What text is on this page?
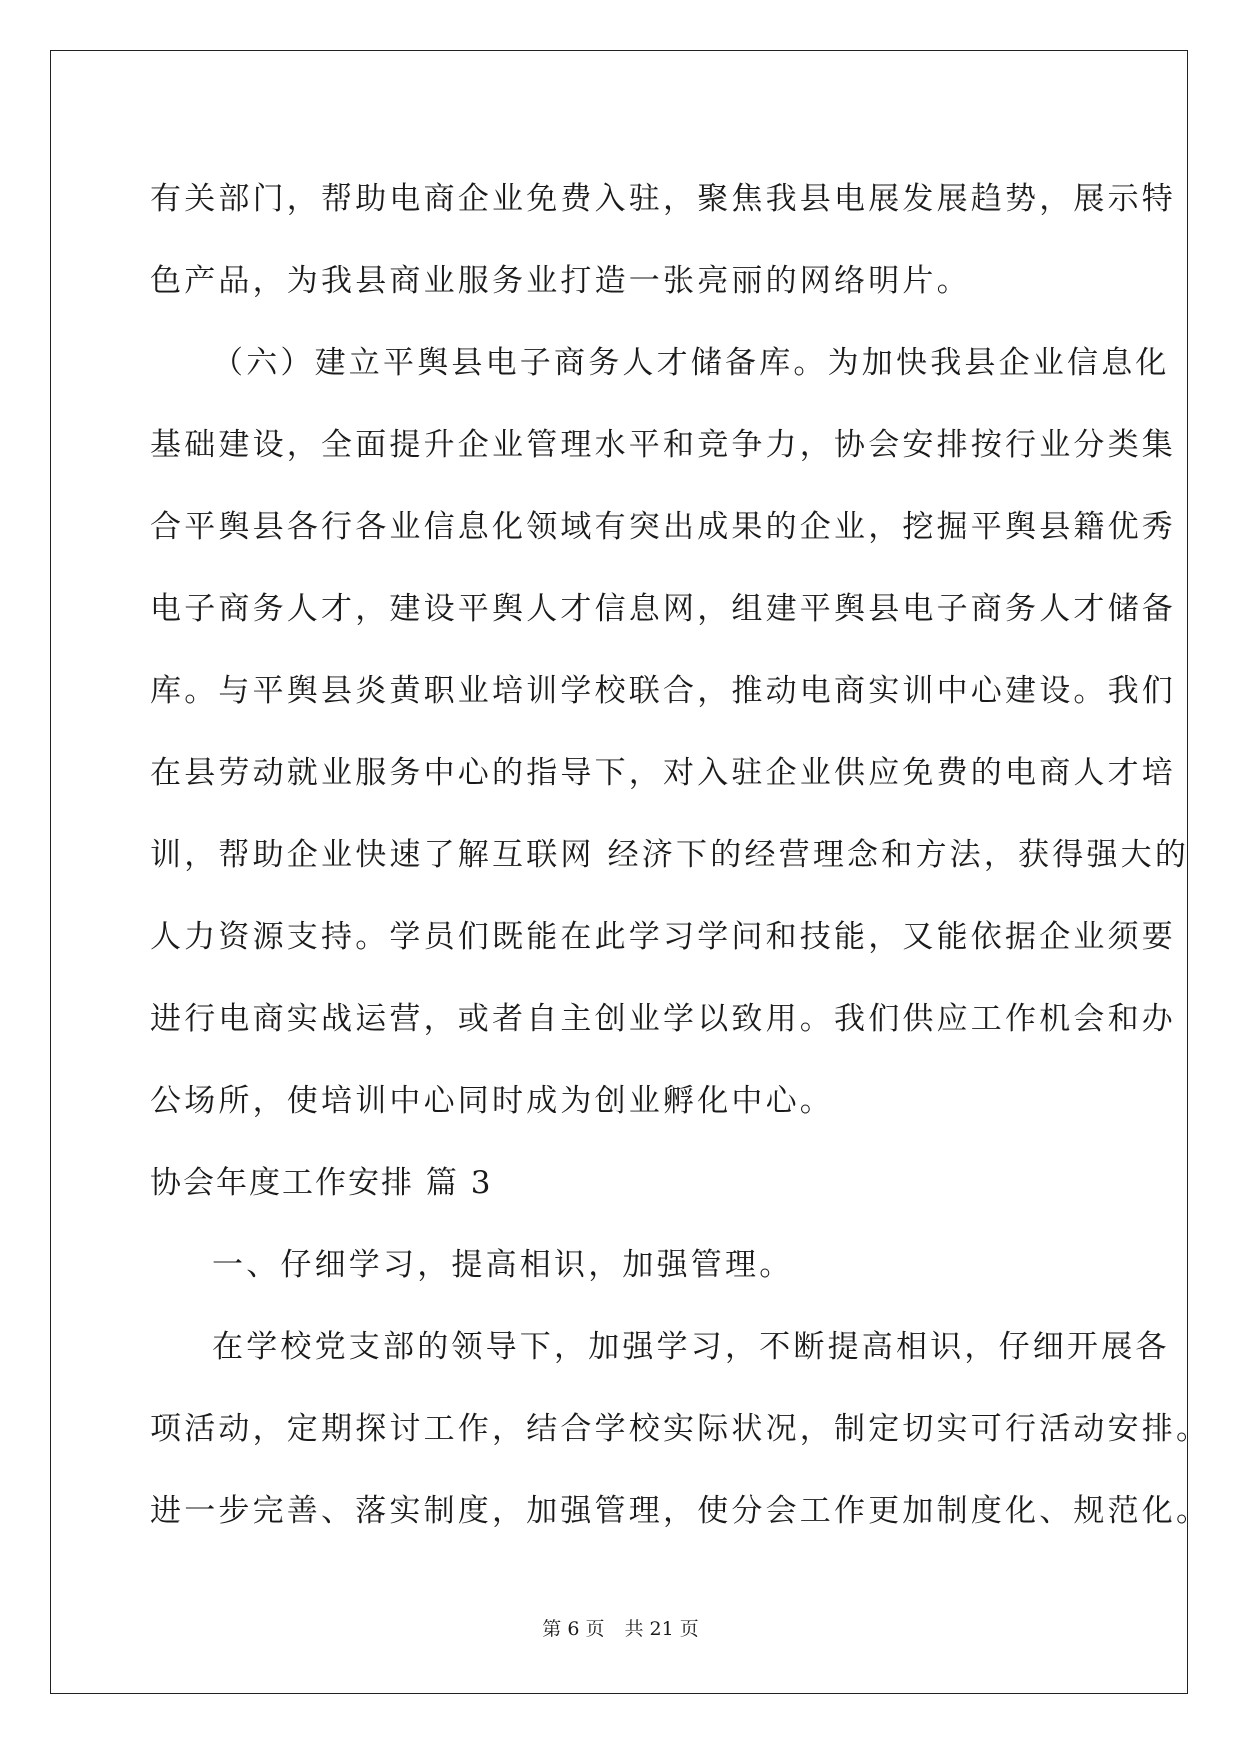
有关部门，帮助电商企业免费入驻，聚焦我县电展发展趋势，展示特
色产品，为我县商业服务业打造一张亮丽的网络明片。
（六）建立平舆县电子商务人才储备库。为加快我县企业信息化
基础建设，全面提升企业管理水平和竞争力，协会安排按行业分类集
合平舆县各行各业信息化领域有突出成果的企业，挖掘平舆县籍优秀
电子商务人才，建设平舆人才信息网，组建平舆县电子商务人才储备
库。与平舆县炎黄职业培训学校联合，推动电商实训中心建设。我们
在县劳动就业服务中心的指导下，对入驻企业供应免费的电商人才培
训，帮助企业快速了解互联网 经济下的经营理念和方法，获得强大的
人力资源支持。学员们既能在此学习学问和技能，又能依据企业须要
进行电商实战运营，或者自主创业学以致用。我们供应工作机会和办
公场所，使培训中心同时成为创业孵化中心。
协会年度工作安排 篇 3
一、仔细学习，提高相识，加强管理。
在学校党支部的领导下，加强学习，不断提高相识，仔细开展各
项活动，定期探讨工作，结合学校实际状况，制定切实可行活动安排。
进一步完善、落实制度，加强管理，使分会工作更加制度化、规范化。
第 6 页 共 21 页
